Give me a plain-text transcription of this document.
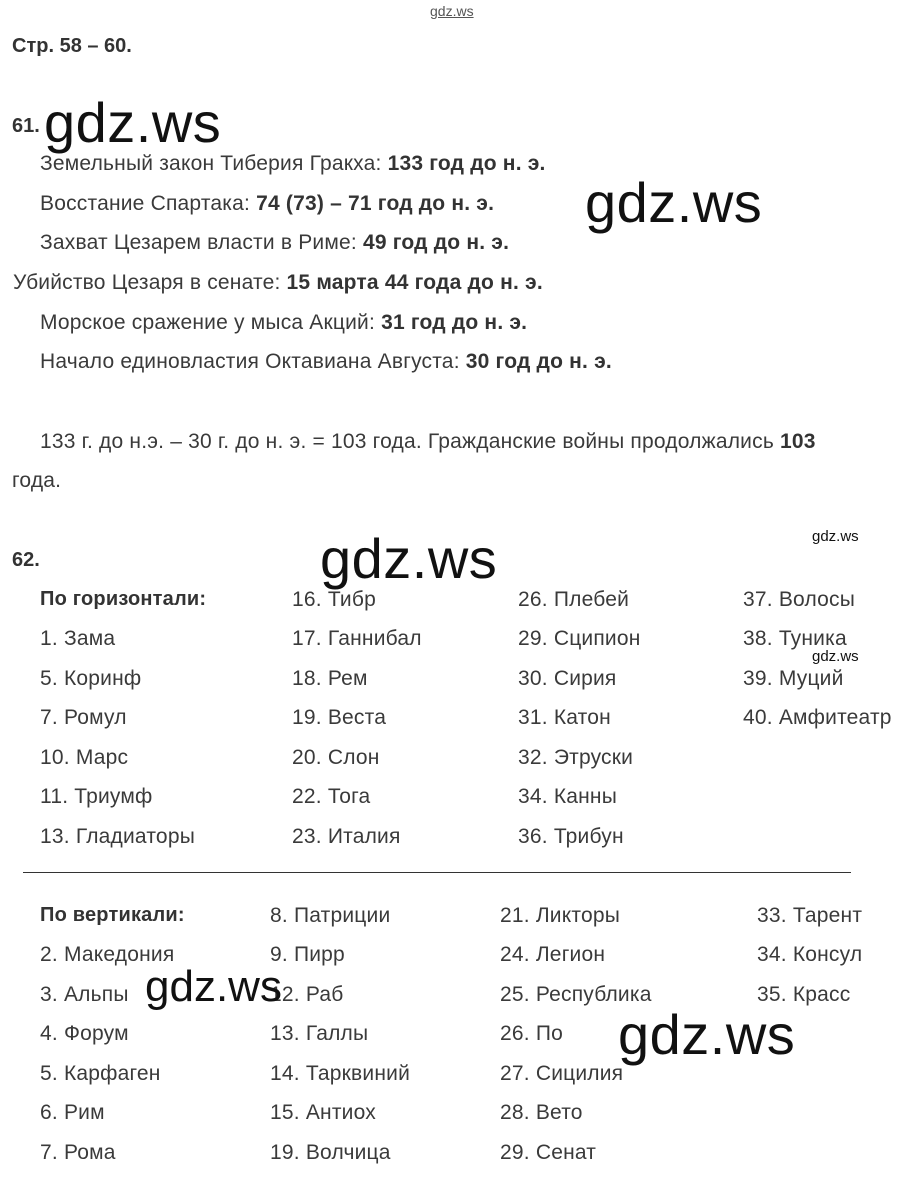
gdz.ws
Стр. 58 – 60.
61. gdz.ws
gdz.ws
Земельный закон Тиберия Гракха: 133 год до н. э.
Восстание Спартака: 74 (73) – 71 год до н. э.
Захват Цезарем власти в Риме: 49 год до н. э.
Убийство Цезаря в сенате: 15 марта 44 года до н. э.
Морское сражение у мыса Акций: 31 год до н. э.
Начало единовластия Октавиана Августа: 30 год до н. э.
133 г. до н.э. – 30 г. до н. э. = 103 года. Гражданские войны продолжались 103
года.
62.	gdz.ws	gdz.ws
gdz.ws
По горизонтали:
1. Зама
5. Коринф
7. Ромул
10. Марс
11. Триумф
13. Гладиаторы
16. Тибр
17. Ганнибал
18. Рем
19. Веста
20. Слон
22. Тога
23. Италия
26. Плебей
29. Сципион
30. Сирия
31. Катон
32. Этруски
34. Канны
36. Трибун
37. Волосы
38. Туника
39. Муций
40. Амфитеатр
По вертикали:
2. Македония
3. Альпы
4. Форум
5. Карфаген
6. Рим
7. Рома
8. Патриции
9. Пирр
12. Раб
13. Галлы
14. Тарквиний
15. Антиох
19. Волчица
21. Ликторы
24. Легион
25. Республика
26. По
27. Сицилия
28. Вето
29. Сенат
33. Тарент
34. Консул
35. Красс
gdz.ws
gdz.ws
